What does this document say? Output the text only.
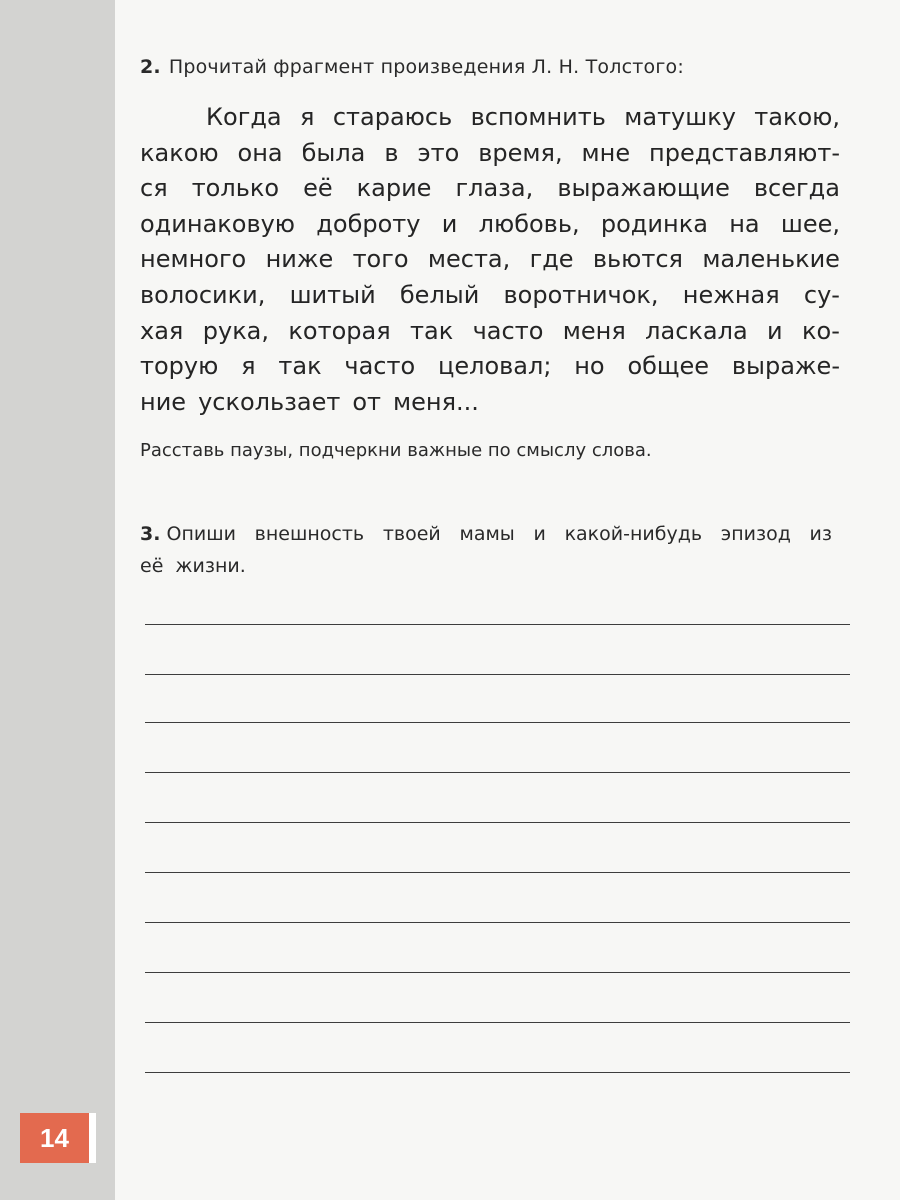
2. Прочитай фрагмент произведения Л. Н. Толстого:
Когда я стараюсь вспомнить матушку такою,
какою она была в это время, мне представляют-
ся только её карие глаза, выражающие всегда
одинаковую доброту и любовь, родинка на шее,
немного ниже того места, где вьются маленькие
волосики, шитый белый воротничок, нежная су-
хая рука, которая так часто меня ласкала и ко-
торую я так часто целовал; но общее выраже-
ние ускользает от меня...
Расставь паузы, подчеркни важные по смыслу слова.
3. Опиши внешность твоей мамы и какой-нибудь эпизод из
её жизни.
14
